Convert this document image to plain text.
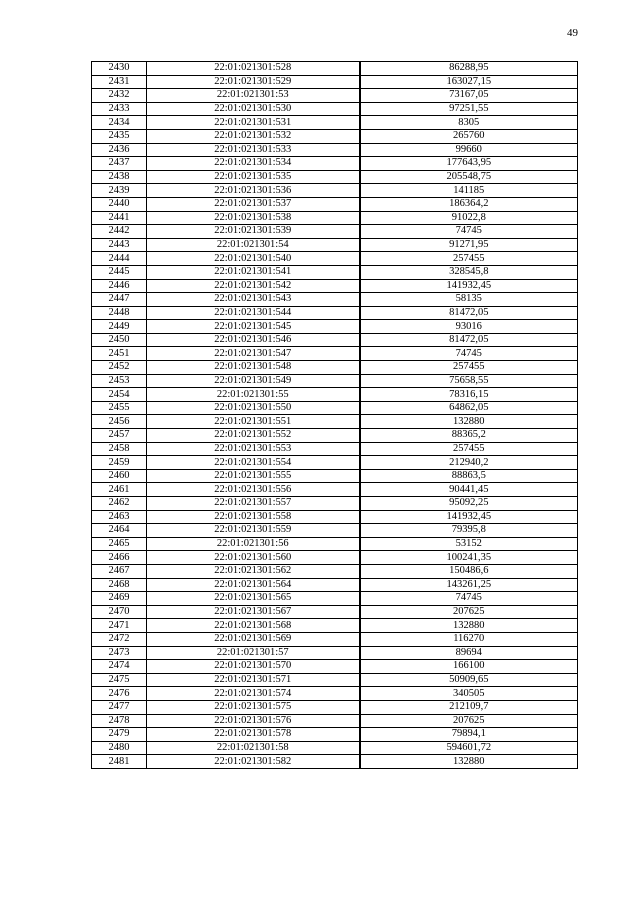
49
2430	22:01:021301:528	86288,95
2431	22:01:021301:529	163027,15
2432	22:01:021301:53	73167,05
2433	22:01:021301:530	97251,55
2434	22:01:021301:531	8305
2435	22:01:021301:532	265760
2436	22:01:021301:533	99660
2437	22:01:021301:534	177643,95
2438	22:01:021301:535	205548,75
2439	22:01:021301:536	141185
2440	22:01:021301:537	186364,2
2441	22:01:021301:538	91022,8
2442	22:01:021301:539	74745
2443	22:01:021301:54	91271,95
2444	22:01:021301:540	257455
2445	22:01:021301:541	328545,8
2446	22:01:021301:542	141932,45
2447	22:01:021301:543	58135
2448	22:01:021301:544	81472,05
2449	22:01:021301:545	93016
2450	22:01:021301:546	81472,05
2451	22:01:021301:547	74745
2452	22:01:021301:548	257455
2453	22:01:021301:549	75658,55
2454	22:01:021301:55	78316,15
2455	22:01:021301:550	64862,05
2456	22:01:021301:551	132880
2457	22:01:021301:552	88365,2
2458	22:01:021301:553	257455
2459	22:01:021301:554	212940,2
2460	22:01:021301:555	88863,5
2461	22:01:021301:556	90441,45
2462	22:01:021301:557	95092,25
2463	22:01:021301:558	141932,45
2464	22:01:021301:559	79395,8
2465	22:01:021301:56	53152
2466	22:01:021301:560	100241,35
2467	22:01:021301:562	150486,6
2468	22:01:021301:564	143261,25
2469	22:01:021301:565	74745
2470	22:01:021301:567	207625
2471	22:01:021301:568	132880
2472	22:01:021301:569	116270
2473	22:01:021301:57	89694
2474	22:01:021301:570	166100
2475	22:01:021301:571	50909,65
2476	22:01:021301:574	340505
2477	22:01:021301:575	212109,7
2478	22:01:021301:576	207625
2479	22:01:021301:578	79894,1
2480	22:01:021301:58	594601,72
2481	22:01:021301:582	132880
